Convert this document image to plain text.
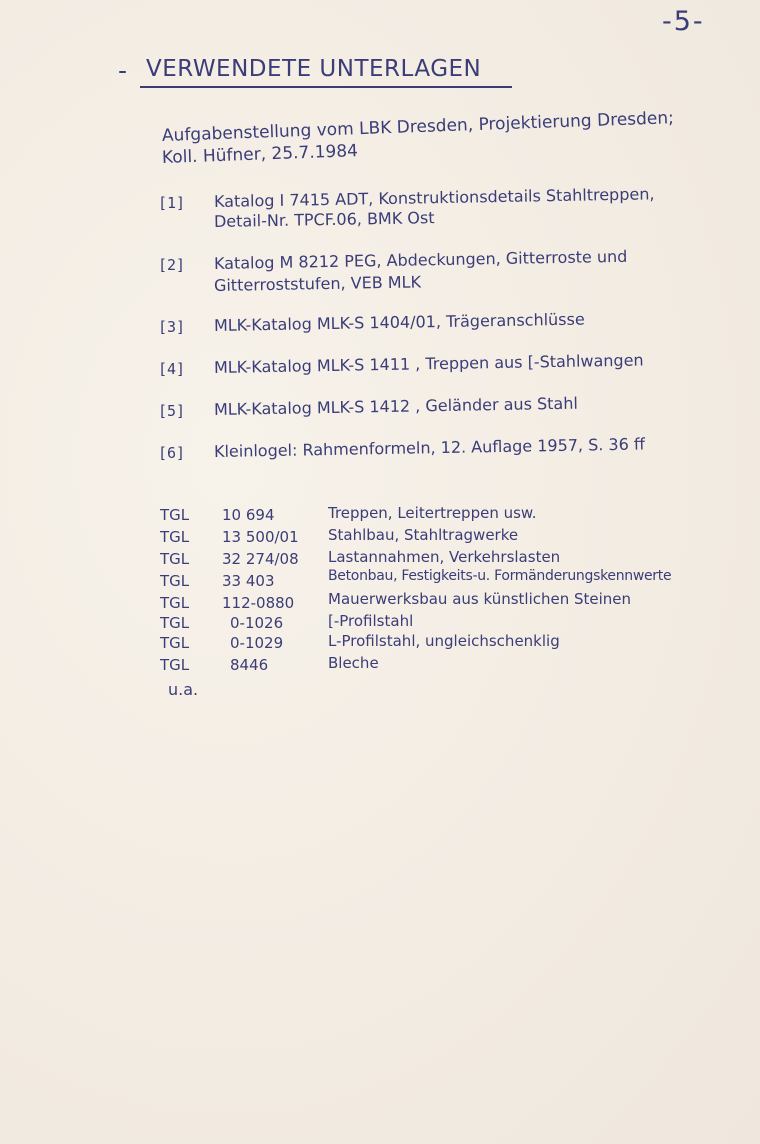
-5-
- VERWENDETE UNTERLAGEN
Aufgabenstellung vom LBK Dresden, Projektierung Dresden;
Koll. Hüfner, 25.7.1984
[1] Katalog I 7415 ADT, Konstruktionsdetails Stahltreppen,
Detail-Nr. TPCF.06, BMK Ost
[2] Katalog M 8212 PEG, Abdeckungen, Gitterroste und
Gitterroststufen, VEB MLK
[3] MLK-Katalog MLK-S 1404/01, Trägeranschlüsse
[4] MLK-Katalog MLK-S 1411 , Treppen aus [-Stahlwangen
[5] MLK-Katalog MLK-S 1412 , Geländer aus Stahl
[6] Kleinlogel: Rahmenformeln, 12. Auflage 1957, S. 36 ff
TGL 10 694	Treppen, Leitertreppen usw.
TGL 13 500/01 Stahlbau, Stahltragwerke
TGL 32 274/08 Lastannahmen, Verkehrslasten
TGL 33 403	Betonbau, Festigkeits-u. Formänderungskennwerte
TGL 112-0880 Mauerwerksbau aus künstlichen Steinen
TGL	0-1026	[-Profilstahl
TGL	0-1029	L-Profilstahl, ungleichschenklig
TGL	8446	Bleche
u.a.
